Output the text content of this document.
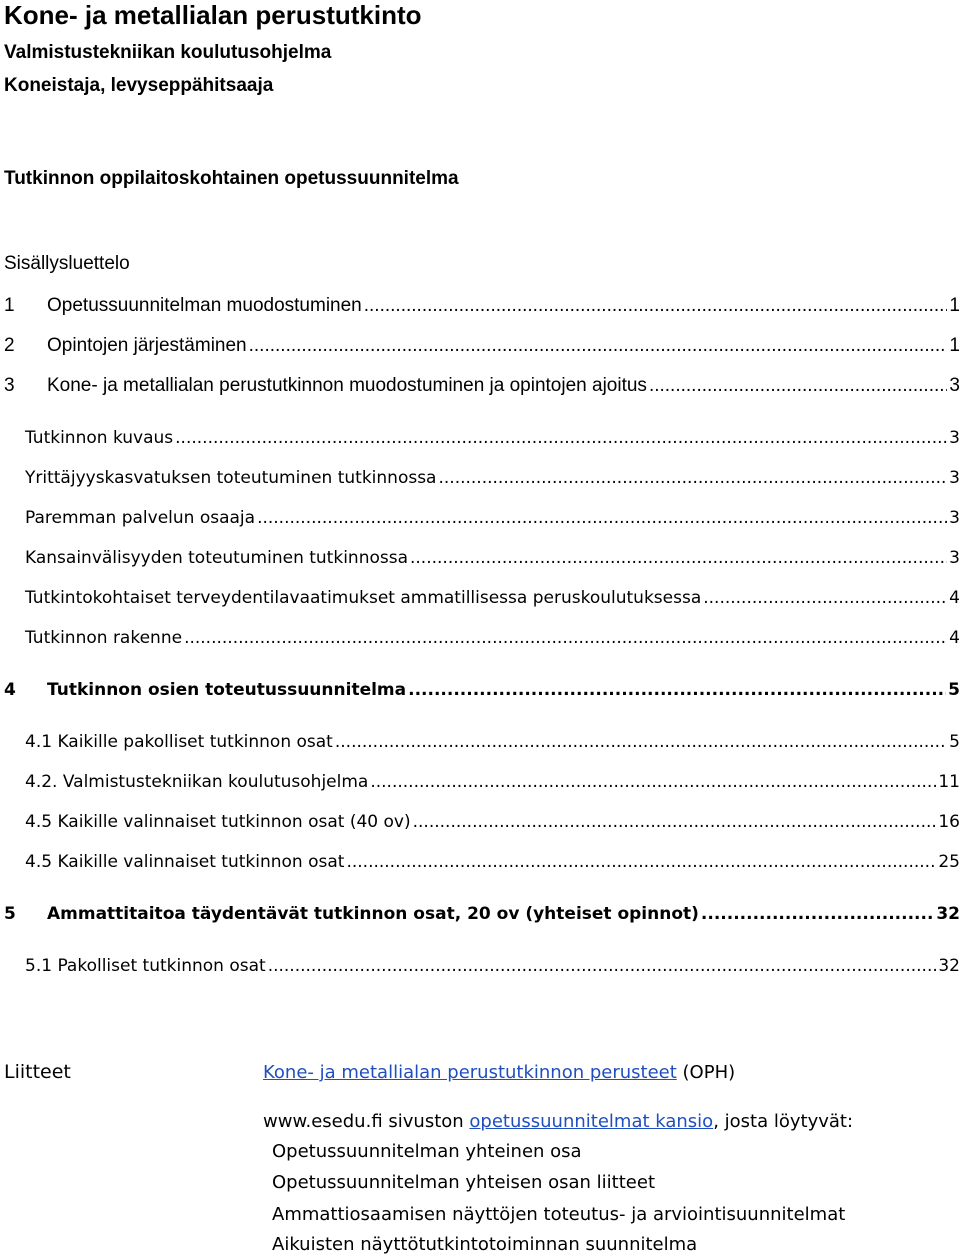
Kone- ja metallialan perustutkinto
Valmistustekniikan koulutusohjelma
Koneistaja, levyseppähitsaaja
Tutkinnon oppilaitoskohtainen opetussuunnitelma
Sisällysluettelo
1 Opetussuunnitelman muodostuminen .....	1
2 Opintojen järjestäminen .....	1
3 Kone- ja metallialan perustutkinnon muodostuminen ja opintojen ajoitus .....	3
Tutkinnon kuvaus .....	3
Yrittäjyyskasvatuksen toteutuminen tutkinnossa .....	3
Paremman palvelun osaaja .....	3
Kansainvälisyyden toteutuminen tutkinnossa .....	3
Tutkintokohtaiset terveydentilavaatimukset ammatillisessa peruskoulutuksessa .....	4
Tutkinnon rakenne .....	4
4 Tutkinnon osien toteutussuunnitelma .....	5
4.1 Kaikille pakolliset tutkinnon osat .....	5
4.2. Valmistustekniikan koulutusohjelma .....	11
4.5 Kaikille valinnaiset tutkinnon osat (40 ov) .....	16
4.5 Kaikille valinnaiset tutkinnon osat .....	25
5 Ammattitaitoa täydentävät tutkinnon osat, 20 ov (yhteiset opinnot) .....	32
5.1 Pakolliset tutkinnon osat .....	32
Liitteet	Kone- ja metallialan perustutkinnon perusteet (OPH)
www.esedu.fi sivuston opetussuunnitelmat kansio, josta löytyvät:
Opetussuunnitelman yhteinen osa
Opetussuunnitelman yhteisen osan liitteet
Ammattiosaamisen näyttöjen toteutus- ja arviointisuunnitelmat
Aikuisten näyttötutkintotoiminnan suunnitelma
